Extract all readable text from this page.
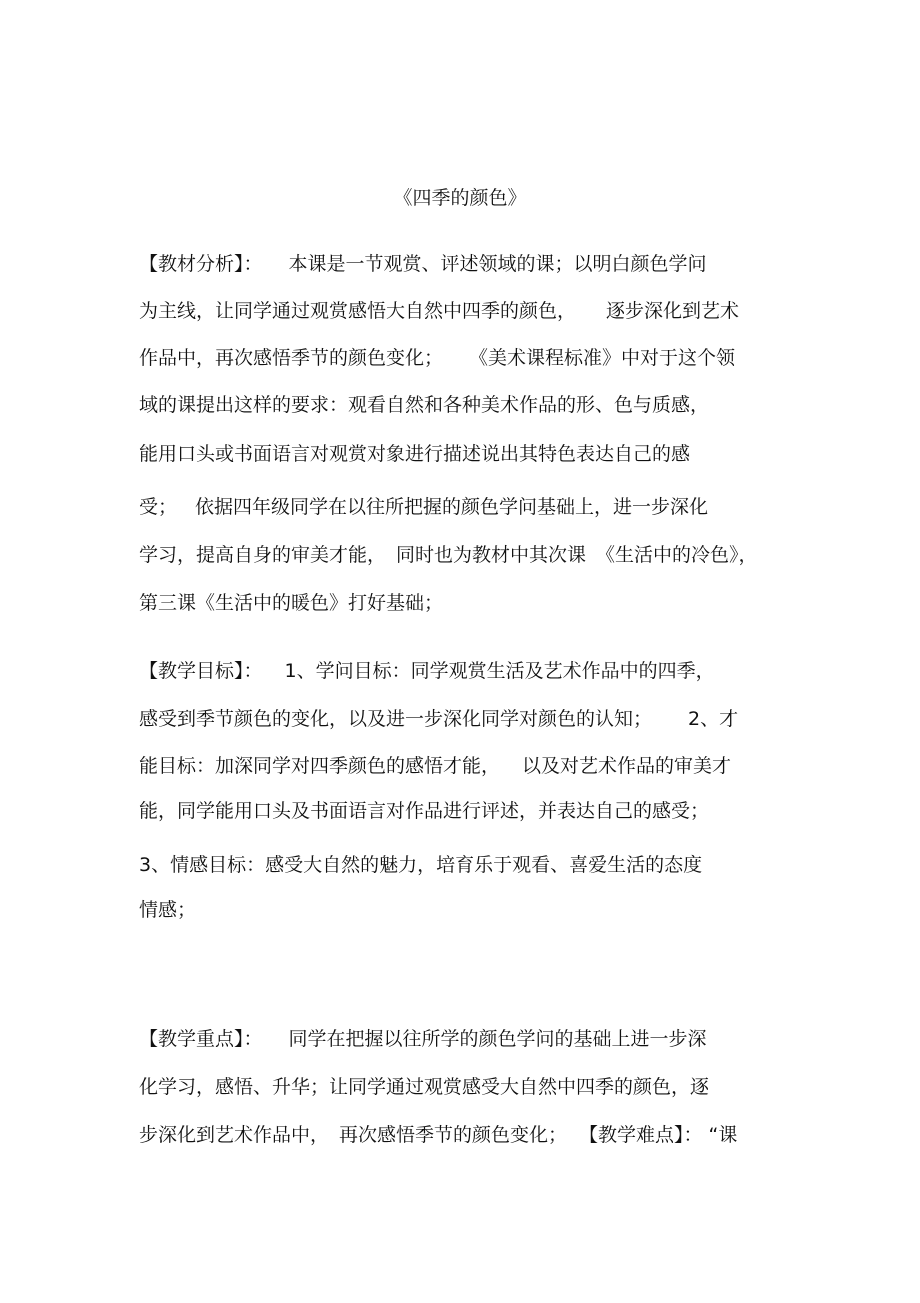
《四季的颜色》
【教材分析】： 本课是一节观赏、评述领域的课；以明白颜色学问
为主线，让同学通过观赏感悟大自然中四季的颜色， 逐步深化到艺术
作品中，再次感悟季节的颜色变化； 《美术课程标准》中对于这个领
域的课提出这样的要求：观看自然和各种美术作品的形、色与质感，
能用口头或书面语言对观赏对象进行描述说出其特色表达自己的感
受； 依据四年级同学在以往所把握的颜色学问基础上，进一步深化
学习，提高自身的审美才能， 同时也为教材中其次课 《生活中的冷色》，
第三课《生活中的暖色》打好基础；
【教学目标】： 1、学问目标：同学观赏生活及艺术作品中的四季，
感受到季节颜色的变化，以及进一步深化同学对颜色的认知； 2、才
能目标：加深同学对四季颜色的感悟才能， 以及对艺术作品的审美才
能，同学能用口头及书面语言对作品进行评述，并表达自己的感受；
3、情感目标：感受大自然的魅力，培育乐于观看、喜爱生活的态度
情感；
【教学重点】： 同学在把握以往所学的颜色学问的基础上进一步深
化学习，感悟、升华；让同学通过观赏感受大自然中四季的颜色，逐
步深化到艺术作品中， 再次感悟季节的颜色变化； 【教学难点】： “课
